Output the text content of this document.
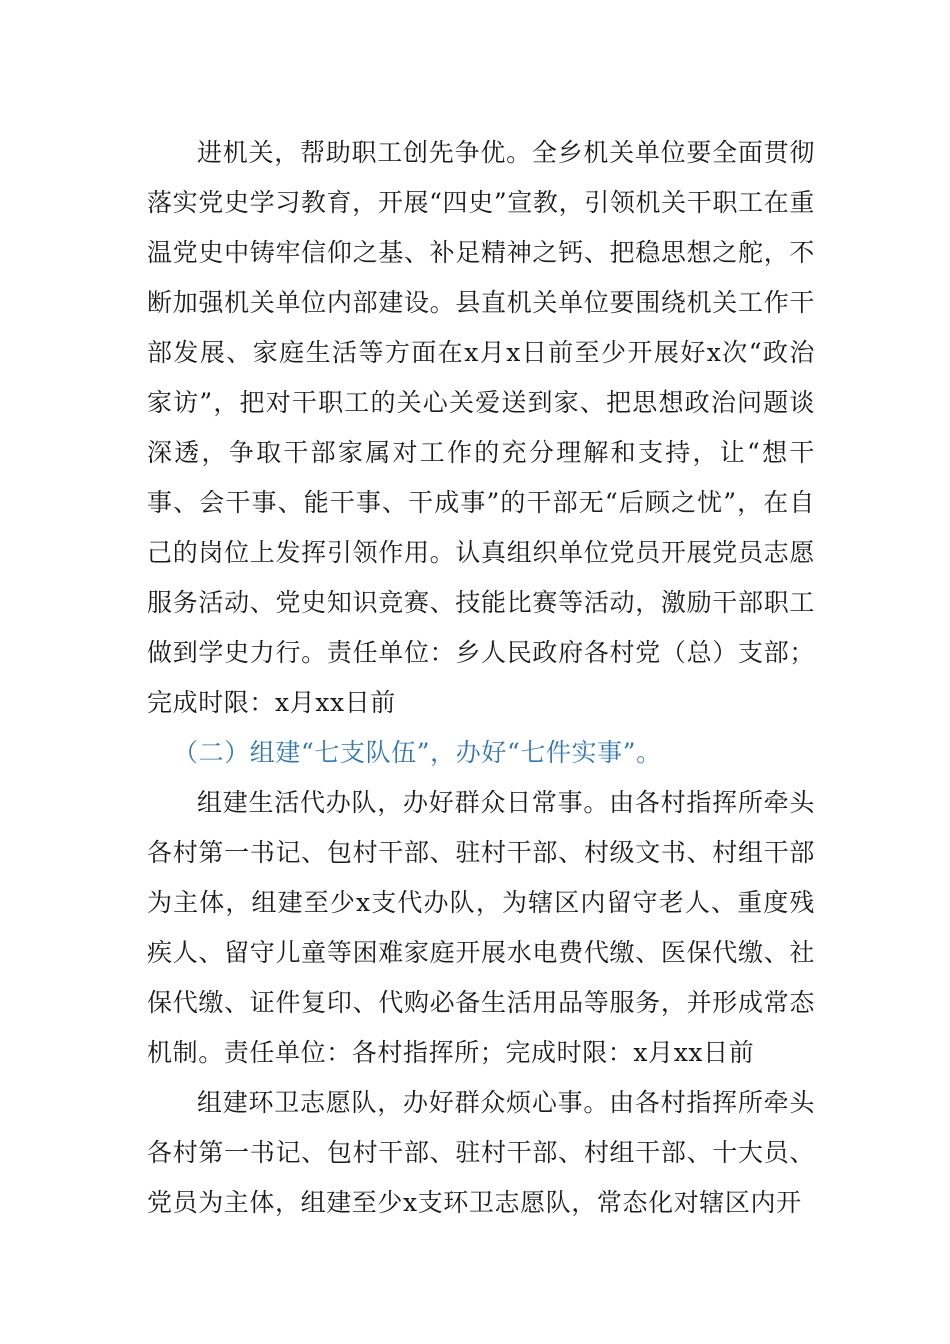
进机关，帮助职工创先争优。全乡机关单位要全面贯彻落实党史学习教育，开展“四史”宣教，引领机关干职工在重温党史中铸牢信仰之基、补足精神之钙、把稳思想之舵，不断加强机关单位内部建设。县直机关单位要围绕机关工作干部发展、家庭生活等方面在x月x日前至少开展好x次“政治家访”，把对干职工的关心关爱送到家、把思想政治问题谈深透，争取干部家属对工作的充分理解和支持，让“想干事、会干事、能干事、干成事”的干部无“后顾之忧”，在自己的岗位上发挥引领作用。认真组织单位党员开展党员志愿服务活动、党史知识竞赛、技能比赛等活动，激励干部职工做到学史力行。责任单位：乡人民政府各村党（总）支部；完成时限：x月xx日前

（二）组建“七支队伍”，办好“七件实事”。

组建生活代办队，办好群众日常事。由各村指挥所牵头各村第一书记、包村干部、驻村干部、村级文书、村组干部为主体，组建至少x支代办队，为辖区内留守老人、重度残疾人、留守儿童等困难家庭开展水电费代缴、医保代缴、社保代缴、证件复印、代购必备生活用品等服务，并形成常态机制。责任单位：各村指挥所；完成时限：x月xx日前

组建环卫志愿队，办好群众烦心事。由各村指挥所牵头各村第一书记、包村干部、驻村干部、村组干部、十大员、党员为主体，组建至少x支环卫志愿队，常态化对辖区内开
